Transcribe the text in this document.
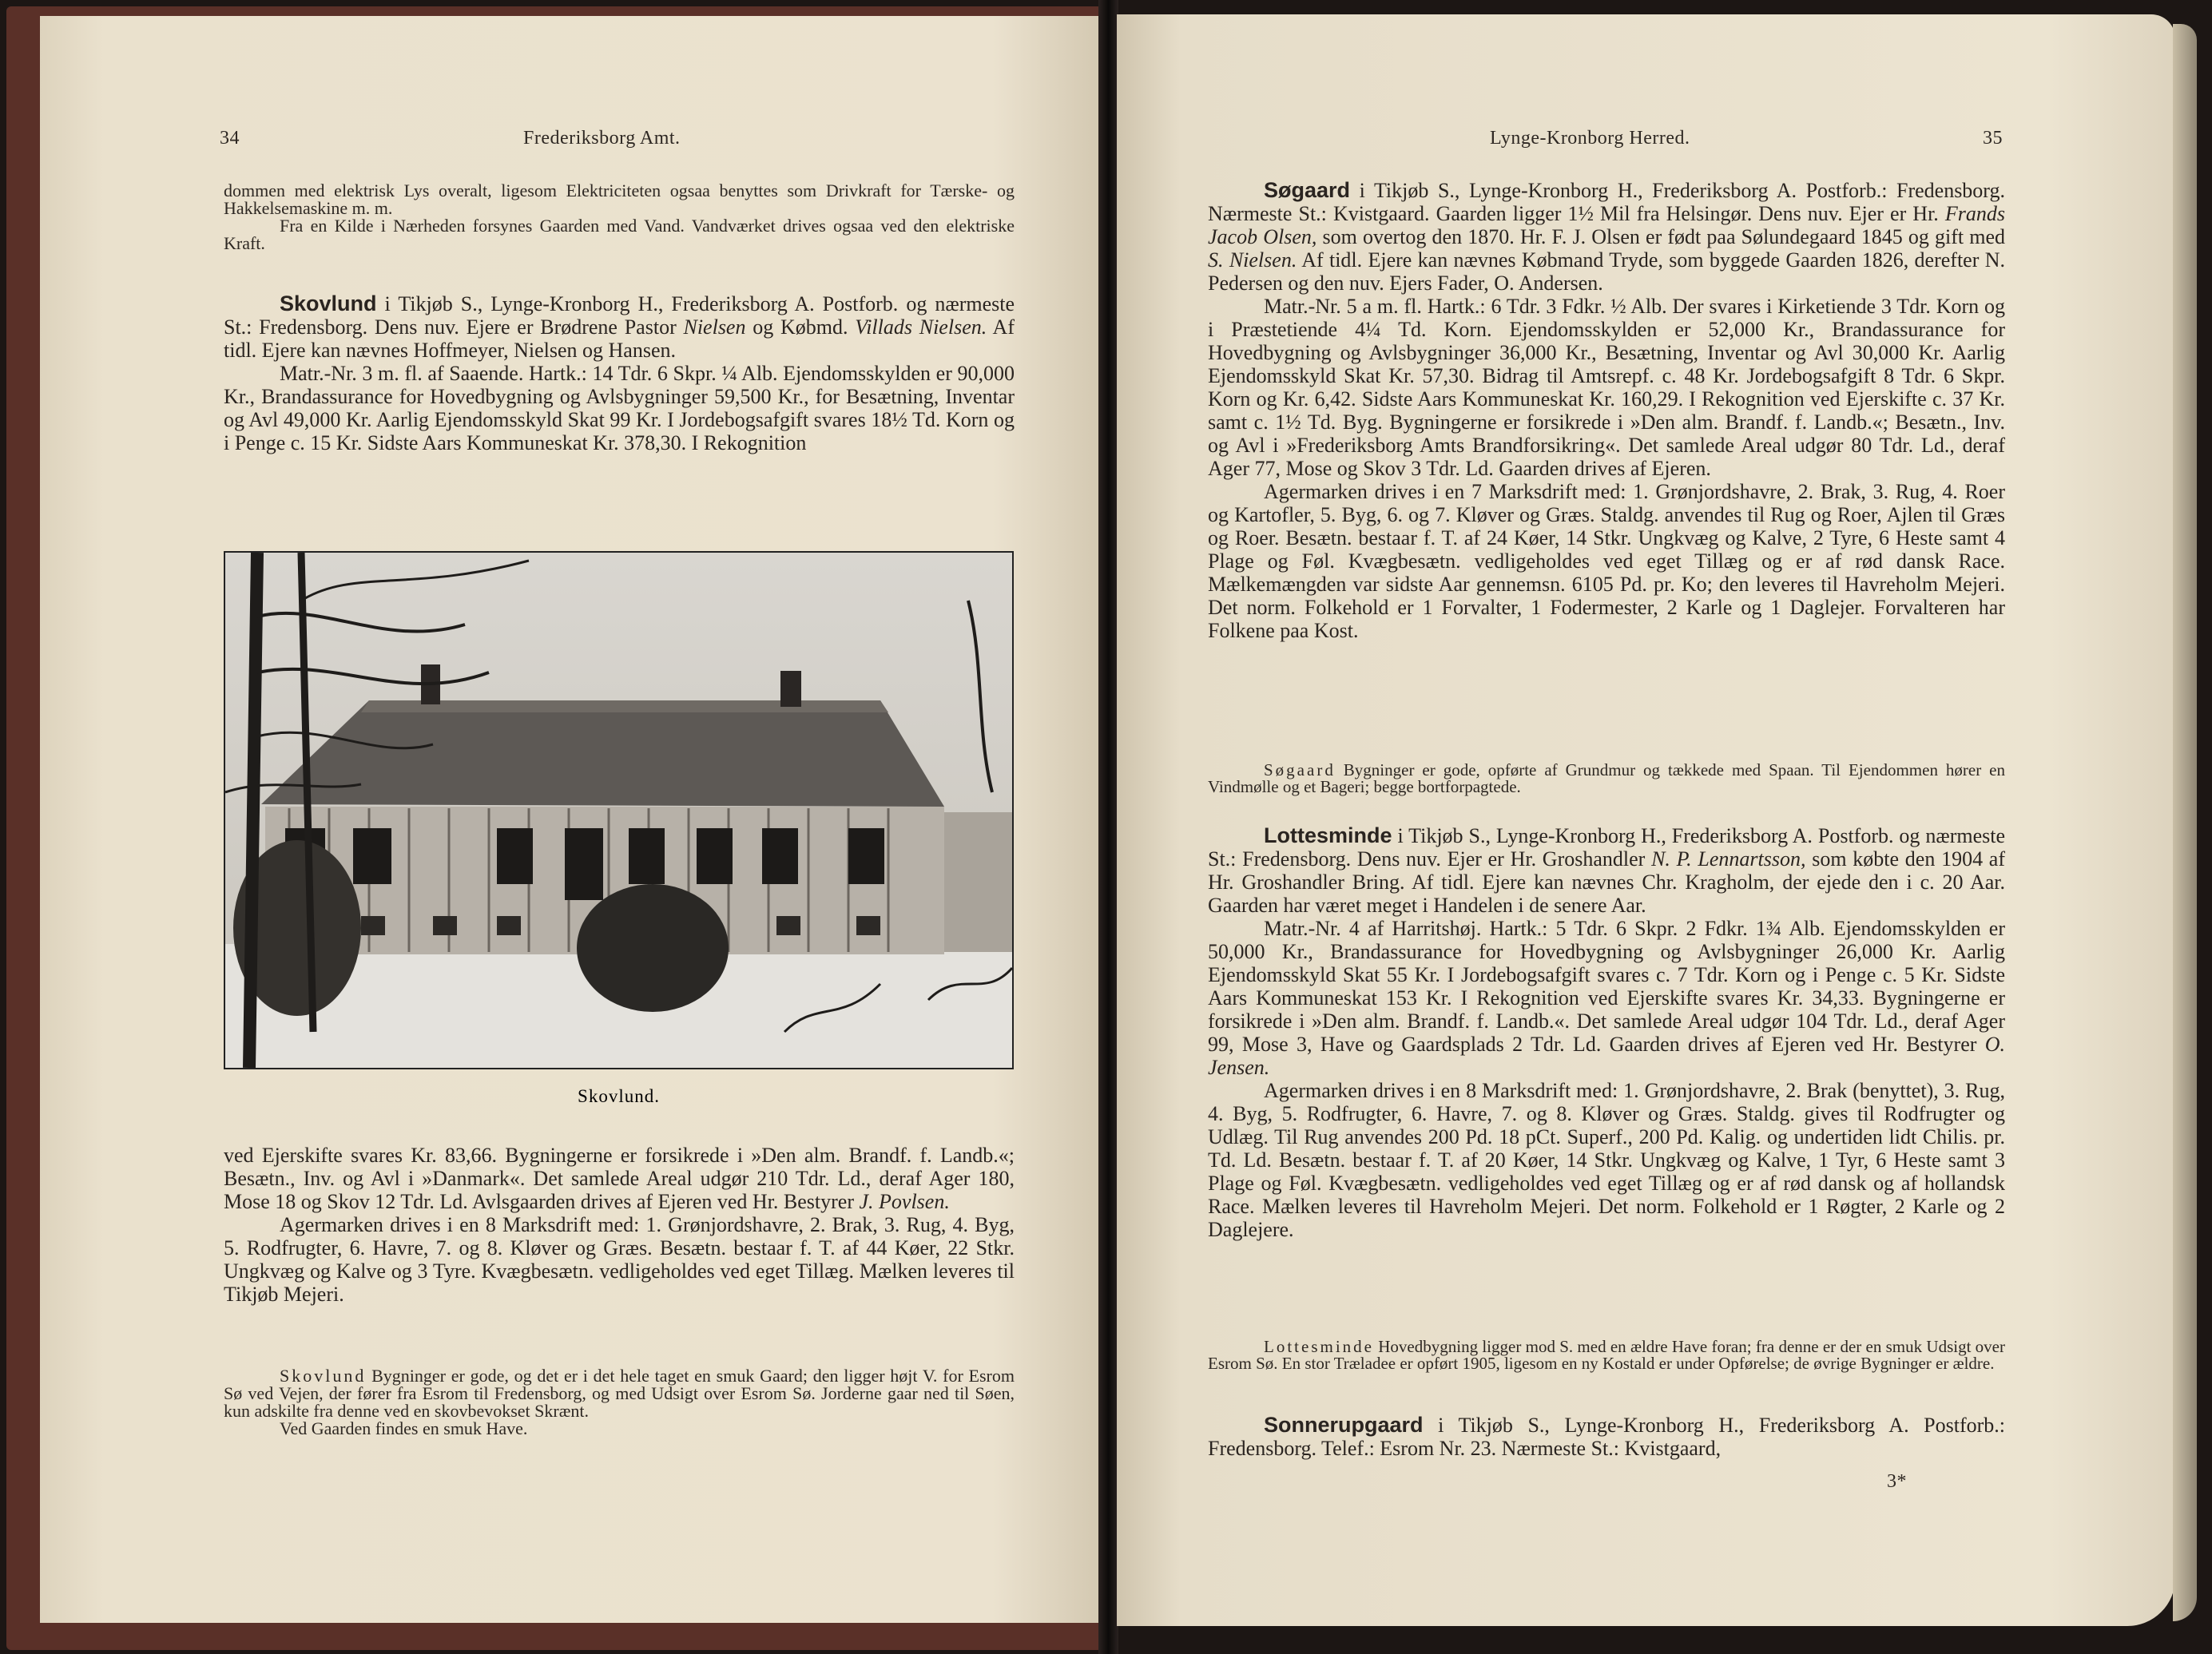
34	Frederiksborg Amt.

dommen med elektrisk Lys overalt, ligesom Elektriciteten ogsaa benyttes som Drivkraft for Tærske- og Hakkelsemaskine m. m.

Fra en Kilde i Nærheden forsynes Gaarden med Vand. Vandværket drives ogsaa ved den elektriske Kraft.

Skovlund i Tikjøb S., Lynge-Kronborg H., Frederiksborg A. Postforb. og nærmeste St.: Fredensborg. Dens nuv. Ejere er Brødrene Pastor Nielsen og Købmd. Villads Nielsen. Af tidl. Ejere kan nævnes Hoffmeyer, Nielsen og Hansen.

Matr.-Nr. 3 m. fl. af Saaende. Hartk.: 14 Tdr. 6 Skpr. ¼ Alb. Ejendomsskylden er 90,000 Kr., Brandassurance for Hovedbygning og Avlsbygninger 59,500 Kr., for Besætning, Inventar og Avl 49,000 Kr. Aarlig Ejendomsskyld Skat 99 Kr. I Jordebogsafgift svares 18½ Td. Korn og i Penge c. 15 Kr. Sidste Aars Kommuneskat Kr. 378,30. I Rekognition

Skovlund.

ved Ejerskifte svares Kr. 83,66. Bygningerne er forsikrede i »Den alm. Brandf. f. Landb.«; Besætn., Inv. og Avl i »Danmark«. Det samlede Areal udgør 210 Tdr. Ld., deraf Ager 180, Mose 18 og Skov 12 Tdr. Ld. Avlsgaarden drives af Ejeren ved Hr. Bestyrer J. Povlsen.

Agermarken drives i en 8 Marksdrift med: 1. Grønjordshavre, 2. Brak, 3. Rug, 4. Byg, 5. Rodfrugter, 6. Havre, 7. og 8. Kløver og Græs. Besætn. bestaar f. T. af 44 Køer, 22 Stkr. Ungkvæg og Kalve og 3 Tyre. Kvægbesætn. vedligeholdes ved eget Tillæg. Mælken leveres til Tikjøb Mejeri.

Skovlund Bygninger er gode, og det er i det hele taget en smuk Gaard; den ligger højt V. for Esrom Sø ved Vejen, der fører fra Esrom til Fredensborg, og med Udsigt over Esrom Sø. Jorderne gaar ned til Søen, kun adskilte fra denne ved en skovbevokset Skrænt.

Ved Gaarden findes en smuk Have.

Lynge-Kronborg Herred.	35

Søgaard i Tikjøb S., Lynge-Kronborg H., Frederiksborg A. Postforb.: Fredensborg. Nærmeste St.: Kvistgaard. Gaarden ligger 1½ Mil fra Helsingør. Dens nuv. Ejer er Hr. Frands Jacob Olsen, som overtog den 1870. Hr. F. J. Olsen er født paa Sølundegaard 1845 og gift med S. Nielsen. Af tidl. Ejere kan nævnes Købmand Tryde, som byggede Gaarden 1826, derefter N. Pedersen og den nuv. Ejers Fader, O. Andersen.

Matr.-Nr. 5 a m. fl. Hartk.: 6 Tdr. 3 Fdkr. ½ Alb. Der svares i Kirketiende 3 Tdr. Korn og i Præstetiende 4¼ Td. Korn. Ejendomsskylden er 52,000 Kr., Brandassurance for Hovedbygning og Avlsbygninger 36,000 Kr., Besætning, Inventar og Avl 30,000 Kr. Aarlig Ejendomsskyld Skat Kr. 57,30. Bidrag til Amtsrepf. c. 48 Kr. Jordebogsafgift 8 Tdr. 6 Skpr. Korn og Kr. 6,42. Sidste Aars Kommuneskat Kr. 160,29. I Rekognition ved Ejerskifte c. 37 Kr. samt c. 1½ Td. Byg. Bygningerne er forsikrede i »Den alm. Brandf. f. Landb.«; Besætn., Inv. og Avl i »Frederiksborg Amts Brandforsikring«. Det samlede Areal udgør 80 Tdr. Ld., deraf Ager 77, Mose og Skov 3 Tdr. Ld. Gaarden drives af Ejeren.

Agermarken drives i en 7 Marksdrift med: 1. Grønjordshavre, 2. Brak, 3. Rug, 4. Roer og Kartofler, 5. Byg, 6. og 7. Kløver og Græs. Staldg. anvendes til Rug og Roer, Ajlen til Græs og Roer. Besætn. bestaar f. T. af 24 Køer, 14 Stkr. Ungkvæg og Kalve, 2 Tyre, 6 Heste samt 4 Plage og Føl. Kvægbesætn. vedligeholdes ved eget Tillæg og er af rød dansk Race. Mælkemængden var sidste Aar gennemsn. 6105 Pd. pr. Ko; den leveres til Havreholm Mejeri. Det norm. Folkehold er 1 Forvalter, 1 Fodermester, 2 Karle og 1 Daglejer. Forvalteren har Folkene paa Kost.

Søgaard Bygninger er gode, opførte af Grundmur og tækkede med Spaan. Til Ejendommen hører en Vindmølle og et Bageri; begge bortforpagtede.

Lottesminde i Tikjøb S., Lynge-Kronborg H., Frederiksborg A. Postforb. og nærmeste St.: Fredensborg. Dens nuv. Ejer er Hr. Groshandler N. P. Lennartsson, som købte den 1904 af Hr. Groshandler Bring. Af tidl. Ejere kan nævnes Chr. Kragholm, der ejede den i c. 20 Aar. Gaarden har været meget i Handelen i de senere Aar.

Matr.-Nr. 4 af Harritshøj. Hartk.: 5 Tdr. 6 Skpr. 2 Fdkr. 1¾ Alb. Ejendomsskylden er 50,000 Kr., Brandassurance for Hovedbygning og Avlsbygninger 26,000 Kr. Aarlig Ejendomsskyld Skat 55 Kr. I Jordebogsafgift svares c. 7 Tdr. Korn og i Penge c. 5 Kr. Sidste Aars Kommuneskat 153 Kr. I Rekognition ved Ejerskifte svares Kr. 34,33. Bygningerne er forsikrede i »Den alm. Brandf. f. Landb.«. Det samlede Areal udgør 104 Tdr. Ld., deraf Ager 99, Mose 3, Have og Gaardsplads 2 Tdr. Ld. Gaarden drives af Ejeren ved Hr. Bestyrer O. Jensen.

Agermarken drives i en 8 Marksdrift med: 1. Grønjordshavre, 2. Brak (benyttet), 3. Rug, 4. Byg, 5. Rodfrugter, 6. Havre, 7. og 8. Kløver og Græs. Staldg. gives til Rodfrugter og Udlæg. Til Rug anvendes 200 Pd. 18 pCt. Superf., 200 Pd. Kalig. og undertiden lidt Chilis. pr. Td. Ld. Besætn. bestaar f. T. af 20 Køer, 14 Stkr. Ungkvæg og Kalve, 1 Tyr, 6 Heste samt 3 Plage og Føl. Kvægbesætn. vedligeholdes ved eget Tillæg og er af rød dansk og af hollandsk Race. Mælken leveres til Havreholm Mejeri. Det norm. Folkehold er 1 Røgter, 2 Karle og 2 Daglejere.

Lottesminde Hovedbygning ligger mod S. med en ældre Have foran; fra denne er der en smuk Udsigt over Esrom Sø. En stor Træladee er opført 1905, ligesom en ny Kostald er under Opførelse; de øvrige Bygninger er ældre.

Sonnerupgaard i Tikjøb S., Lynge-Kronborg H., Frederiksborg A. Postforb.: Fredensborg. Telef.: Esrom Nr. 23. Nærmeste St.: Kvistgaard,

3*
